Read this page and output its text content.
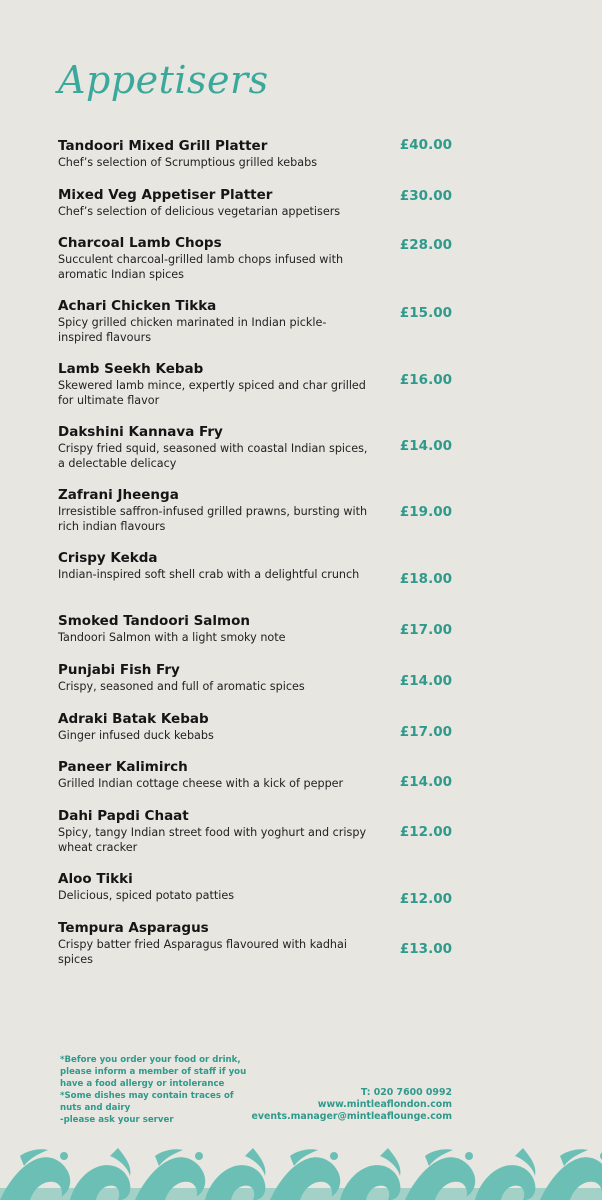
Appetisers
Tandoori Mixed Grill Platter
Chef’s selection of Scrumptious grilled kebabs
£40.00
Mixed Veg Appetiser Platter
Chef’s selection of delicious vegetarian appetisers
£30.00
Charcoal Lamb Chops
Succulent charcoal-grilled lamb chops infused with aromatic Indian spices
£28.00
Achari Chicken Tikka
Spicy grilled chicken marinated in Indian pickle-inspired flavours
£15.00
Lamb Seekh Kebab
Skewered lamb mince, expertly spiced and char grilled for ultimate flavor
£16.00
Dakshini Kannava Fry
Crispy fried squid, seasoned with coastal Indian spices, a delectable delicacy
£14.00
Zafrani Jheenga
Irresistible saffron-infused grilled prawns, bursting with rich indian flavours
£19.00
Crispy Kekda
Indian-inspired soft shell crab with a delightful crunch	£18.00
Smoked Tandoori Salmon
Tandoori Salmon with a light smoky note	£17.00
Punjabi Fish Fry
Crispy, seasoned and full of aromatic spices	£14.00
Adraki Batak Kebab
Ginger infused duck kebabs	£17.00
Paneer Kalimirch
Grilled Indian cottage cheese with a kick of pepper	£14.00
Dahi Papdi Chaat
Spicy, tangy Indian street food with yoghurt and crispy wheat cracker
£12.00
Aloo Tikki
Delicious, spiced potato patties	£12.00
Tempura Asparagus
Crispy batter fried Asparagus flavoured with kadhai spices
£13.00
*Before you order your food or drink,
please inform a member of staff if you
have a food allergy or intolerance
*Some dishes may contain traces of
nuts and dairy
-please ask your server
T: 020 7600 0992
www.mintleaflondon.com
events.manager@mintleaflounge.com
